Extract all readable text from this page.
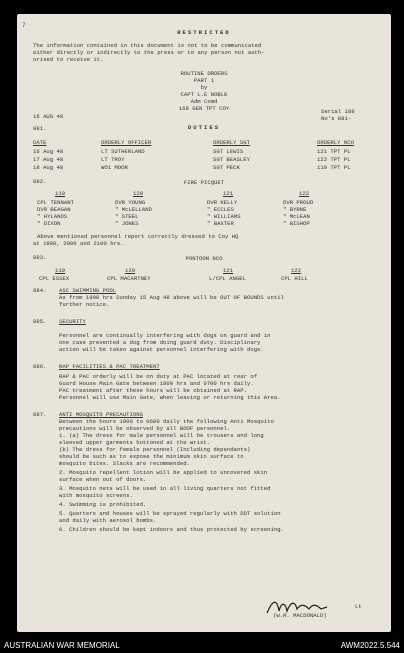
7
RESTRICTED
The information contained in this document is not to be communicated
either directly or indirectly to the press or to any person not auth-
orised to receive it.
ROUTINE ORDERS
PART 1
by
CAPT L.E NOBLE
Adm Comd
168 GEN TPT COY
16 AUG 48
Serial 188
No's 881-
881.	DUTIES
DATE	ORDERLY OFFICER	ORDERLY SGT	ORDERLY NCO
16 Aug 48	LT SUTHERLAND	SGT LEWIS	121 TPT PL
17 Aug 48	LT TROY	SGT BEASLEY	122 TPT PL
18 Aug 48	WO1 MOOR	SGT PECK	119 TPT PL
882.	FIRE PICQUET
119	120	121	122
CPL TENNANT	DVR YOUNG	DVR KELLY	DVR PROUD
DVR BEAGAN	" McLELLAND	" ECCLES	" BYRNE
" HYLANDS	" STEEL	" WILLIAMS	" McLEAN
" DIXON	" JONES	" BAXTER	" BISHOP
Above mentioned personnel report correctly dressed to Coy HQ
at 1800, 2000 and 2100 hrs.
883.	PONTOON NCO
119	120	121	122
CPL ESSEX	CPL MACARTNEY	L/CPL ANGEL	CPL HILL
884. ASC SWIMMING POOL
As from 1900 hrs Sunday 15 Aug 48 above will be OUT OF BOUNDS until
further notice.
885. SECURITY
Personnel are continually interfering with dogs on guard and in
one case prevented a dog from doing guard duty. Disciplinary
action will be taken against personnel interfering with dogs.
886. RAP FACILITIES & PAC TREATMENT
RAP & PAC orderly will be on duty at PAC located at rear of
Guard House Main Gate between 1800 hrs and 0700 hrs daily.
PAC treatment after these hours will be obtained at RAP.
Personnel will use Main Gate, when leaving or returning this Area.
887. ANTI MOSQUITO PRECAUTIONS
Between the hours 1900 to 0600 daily the following Anti Mosquito
precautions will be observed by all BOOF personnel.
1. (a) The dress for male personnel will be trousers and long
sleeved upper garments buttoned at the wrist.
(b) The dress for female personnel (Including dependants)
should be such as to expose the minimum skin surface to
mosquito bites. Slacks are recommended.
2. Mosquito repellent lotion will be applied to uncovered skin
surface when out of doors.
3. Mosquito nets will be used in all living quarters not fitted
with mosquito screens.
4. Swimming is prohibited.
5. Quarters and houses will be sprayed regularly with DDT solution
and daily with aerosol bombs.
6. Children should be kept indoors and thus protected by screening.
Lt
(W.R. MACDONALD)
AUSTRALIAN WAR MEMORIAL	AWM2022.5.544
